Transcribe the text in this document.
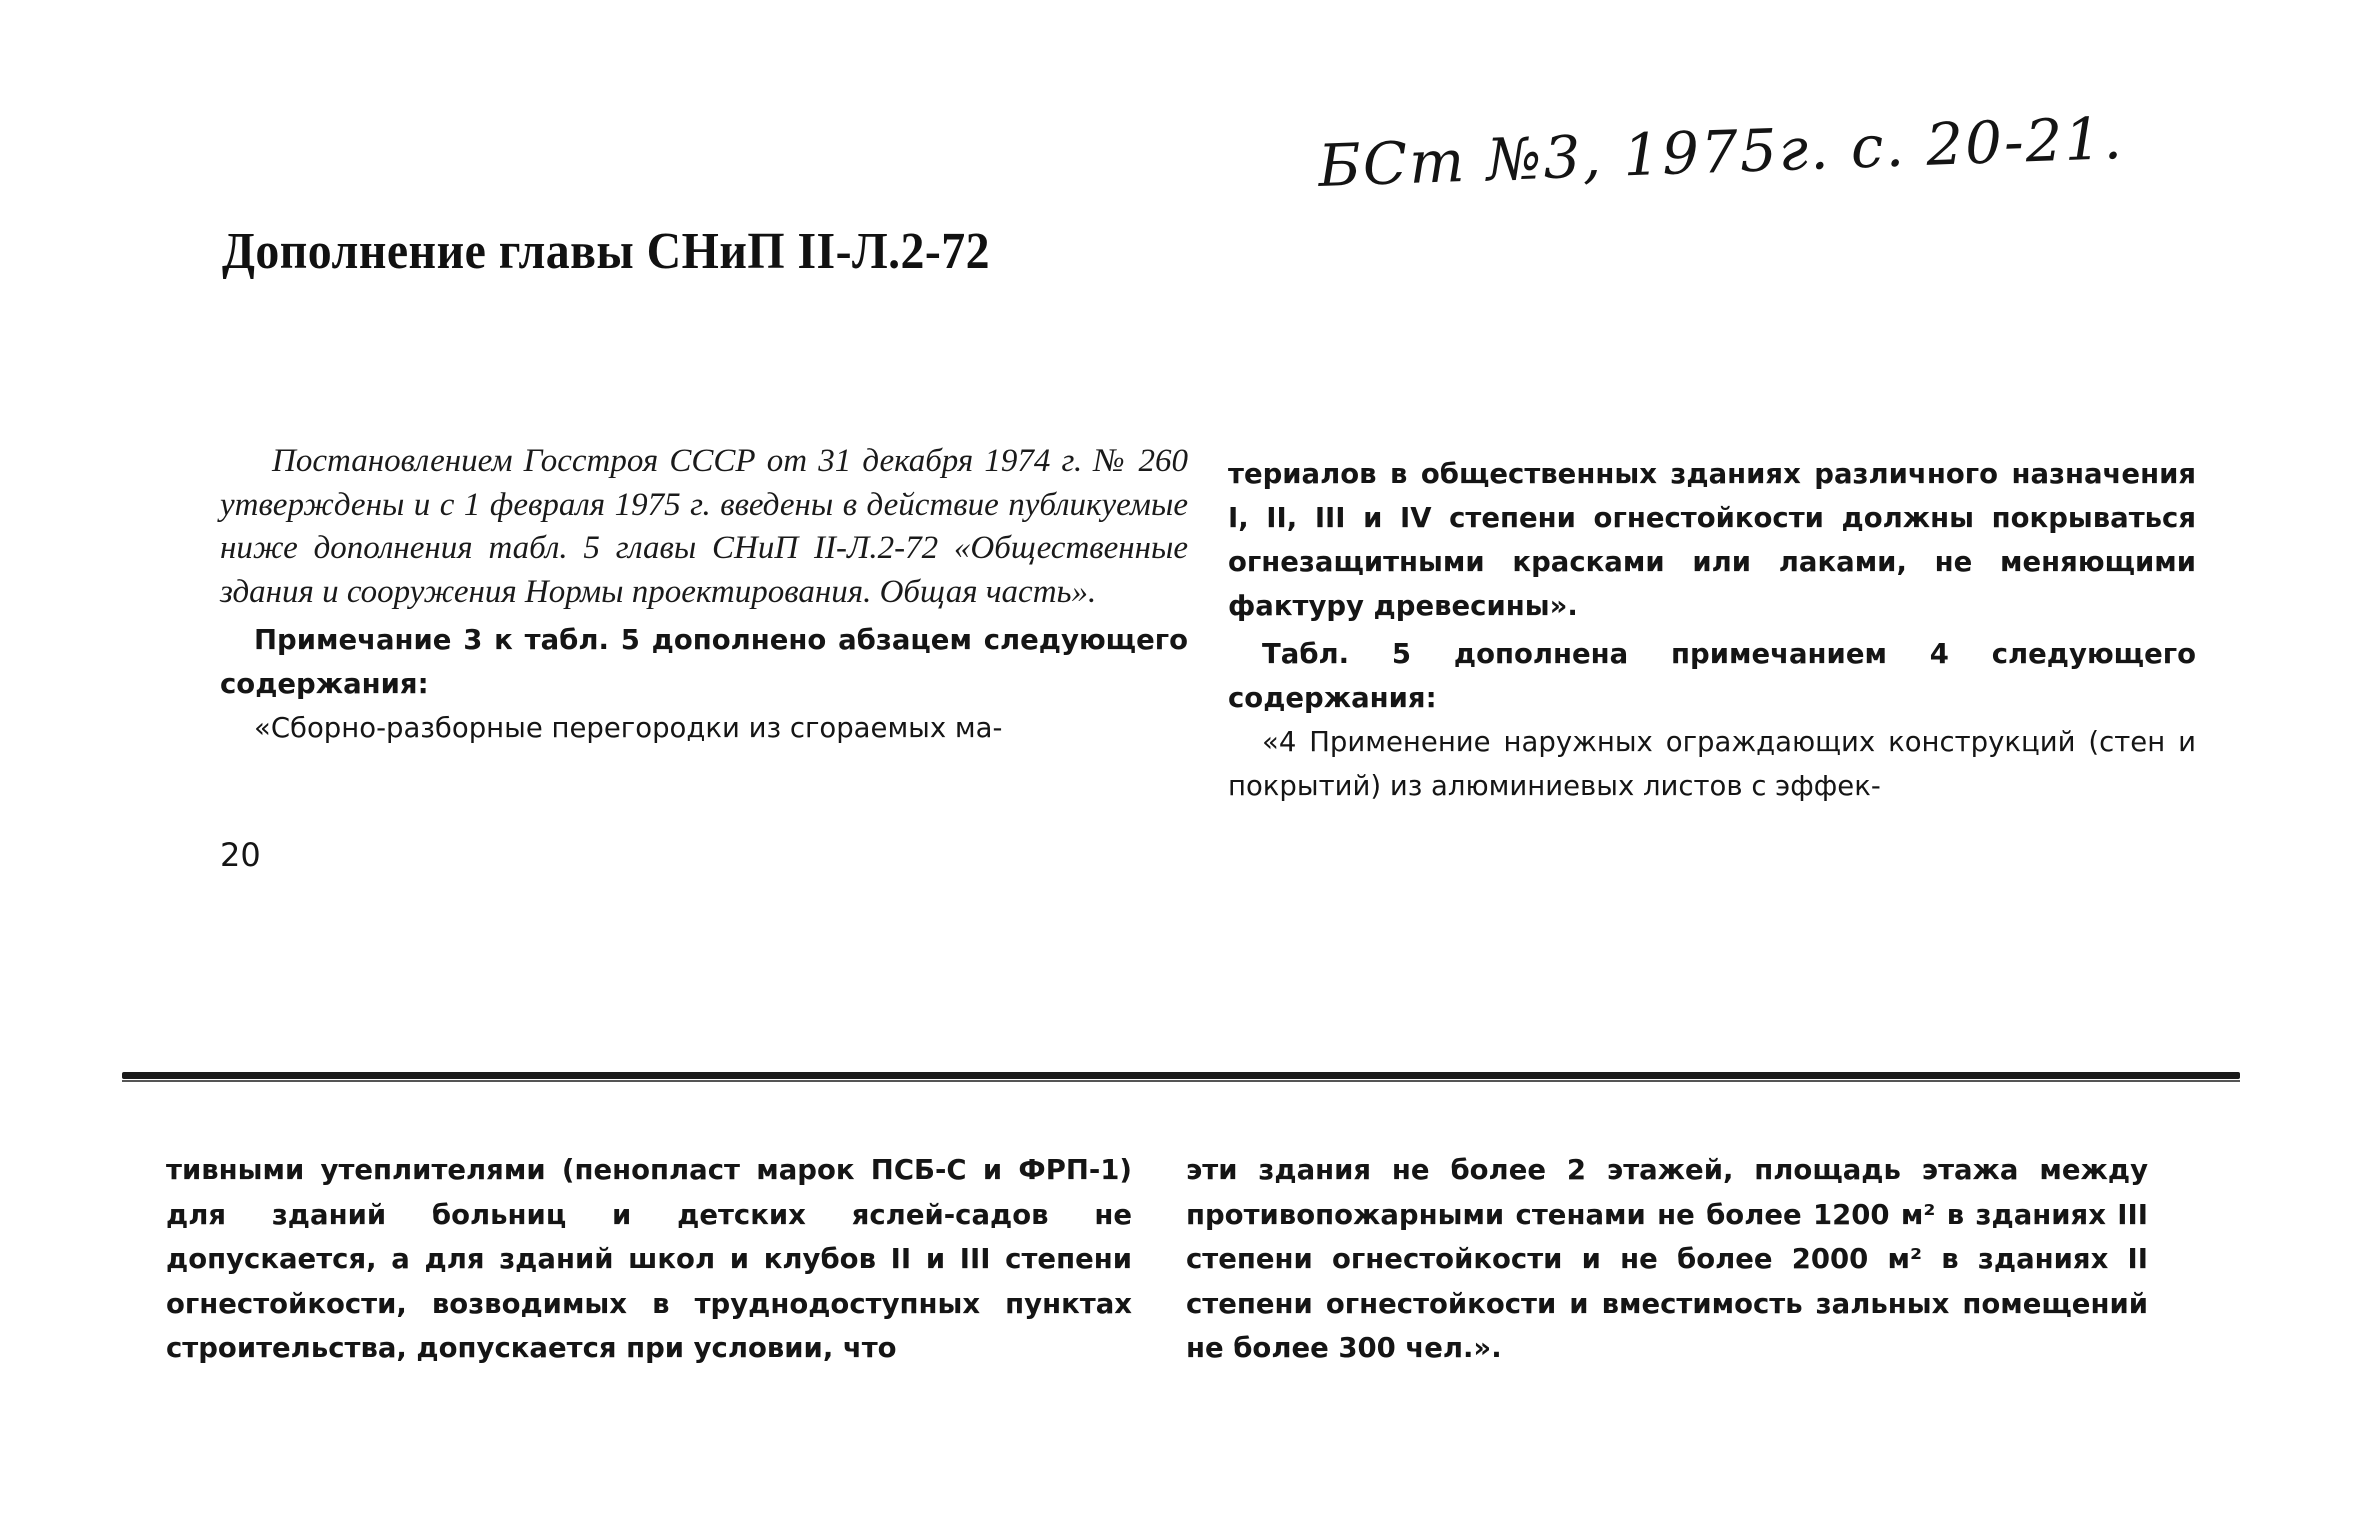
БСт №3, 1975г. с. 20-21.
Дополнение главы СНиП II-Л.2-72

Постановлением Госстроя СССР от 31 декабря 1974 г. № 260 утверждены и с 1 февраля 1975 г. введены в действие публикуемые ниже дополнения табл. 5 главы СНиП II-Л.2-72 «Общественные здания и сооружения Нормы проектирования. Общая часть».

Примечание 3 к табл. 5 дополнено абзацем следующего содержания:

«Сборно-разборные перегородки из сгораемых ма-

териалов в общественных зданиях различного назначения I, II, III и IV степени огнестойкости должны покрываться огнезащитными красками или лаками, не меняющими фактуру древесины».

Табл. 5 дополнена примечанием 4 следующего содержания:

«4 Применение наружных ограждающих конструкций (стен и покрытий) из алюминиевых листов с эффек-

20

тивными утеплителями (пенопласт марок ПСБ-С и ФРП-1) для зданий больниц и детских яслей-садов не допускается, а для зданий школ и клубов II и III степени огнестойкости, возводимых в труднодоступных пунктах строительства, допускается при условии, что

эти здания не более 2 этажей, площадь этажа между противопожарными стенами не более 1200 м² в зданиях III степени огнестойкости и не более 2000 м² в зданиях II степени огнестойкости и вместимость зальных помещений не более 300 чел.».
